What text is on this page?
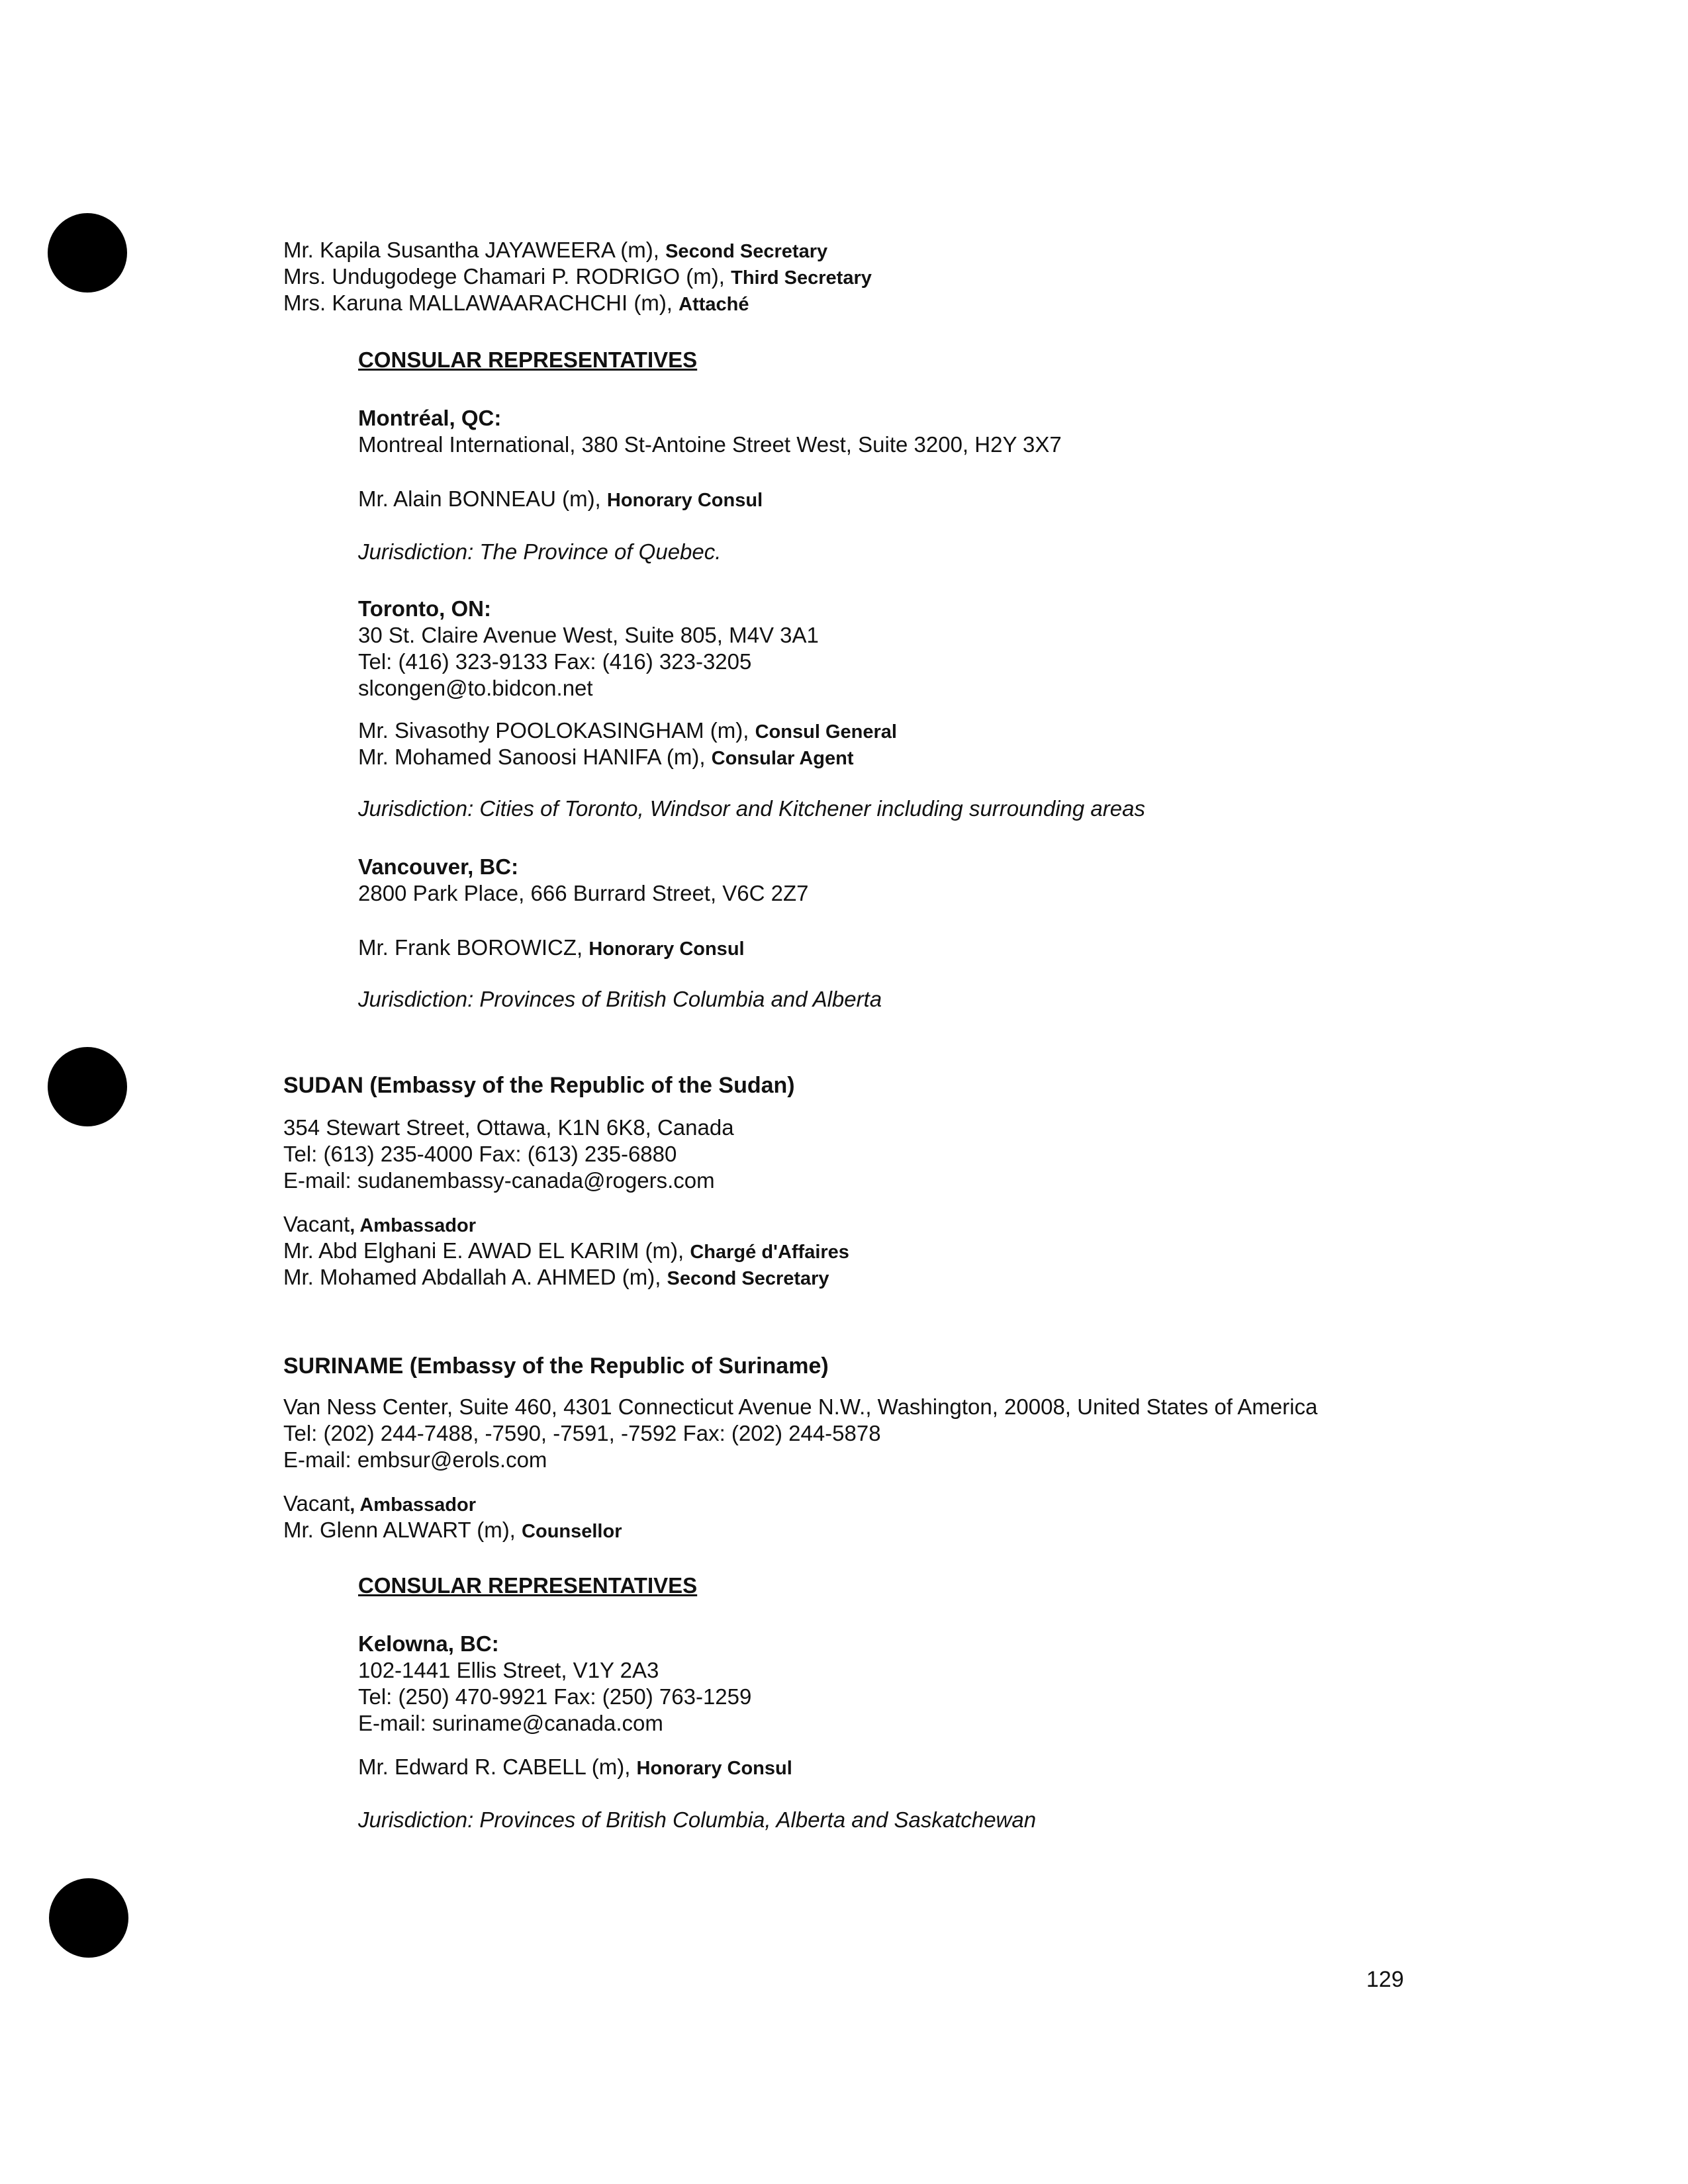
Mr. Kapila Susantha JAYAWEERA (m), Second Secretary
Mrs. Undugodege Chamari P. RODRIGO (m), Third Secretary
Mrs. Karuna MALLAWAARACHCHI (m), Attaché
CONSULAR REPRESENTATIVES
Montréal, QC:
Montreal International, 380 St-Antoine Street West, Suite 3200, H2Y 3X7
Mr. Alain BONNEAU (m), Honorary Consul
Jurisdiction: The Province of Quebec.
Toronto, ON:
30 St. Claire Avenue West, Suite 805, M4V 3A1
Tel: (416) 323-9133 Fax: (416) 323-3205
slcongen@to.bidcon.net
Mr. Sivasothy POOLOKASINGHAM (m), Consul General
Mr. Mohamed Sanoosi HANIFA (m), Consular Agent
Jurisdiction: Cities of Toronto, Windsor and Kitchener including surrounding areas
Vancouver, BC:
2800 Park Place, 666 Burrard Street, V6C 2Z7
Mr. Frank BOROWICZ, Honorary Consul
Jurisdiction: Provinces of British Columbia and Alberta
SUDAN (Embassy of the Republic of the Sudan)
354 Stewart Street, Ottawa, K1N 6K8, Canada
Tel: (613) 235-4000 Fax: (613) 235-6880
E-mail: sudanembassy-canada@rogers.com
Vacant, Ambassador
Mr. Abd Elghani E. AWAD EL KARIM (m), Chargé d'Affaires
Mr. Mohamed Abdallah A. AHMED (m), Second Secretary
SURINAME (Embassy of the Republic of Suriname)
Van Ness Center, Suite 460, 4301 Connecticut Avenue N.W., Washington, 20008, United States of America
Tel: (202) 244-7488, -7590, -7591, -7592 Fax: (202) 244-5878
E-mail: embsur@erols.com
Vacant, Ambassador
Mr. Glenn ALWART (m), Counsellor
CONSULAR REPRESENTATIVES
Kelowna, BC:
102-1441 Ellis Street, V1Y 2A3
Tel: (250) 470-9921 Fax: (250) 763-1259
E-mail: suriname@canada.com
Mr. Edward R. CABELL (m), Honorary Consul
Jurisdiction: Provinces of British Columbia, Alberta and Saskatchewan
129
